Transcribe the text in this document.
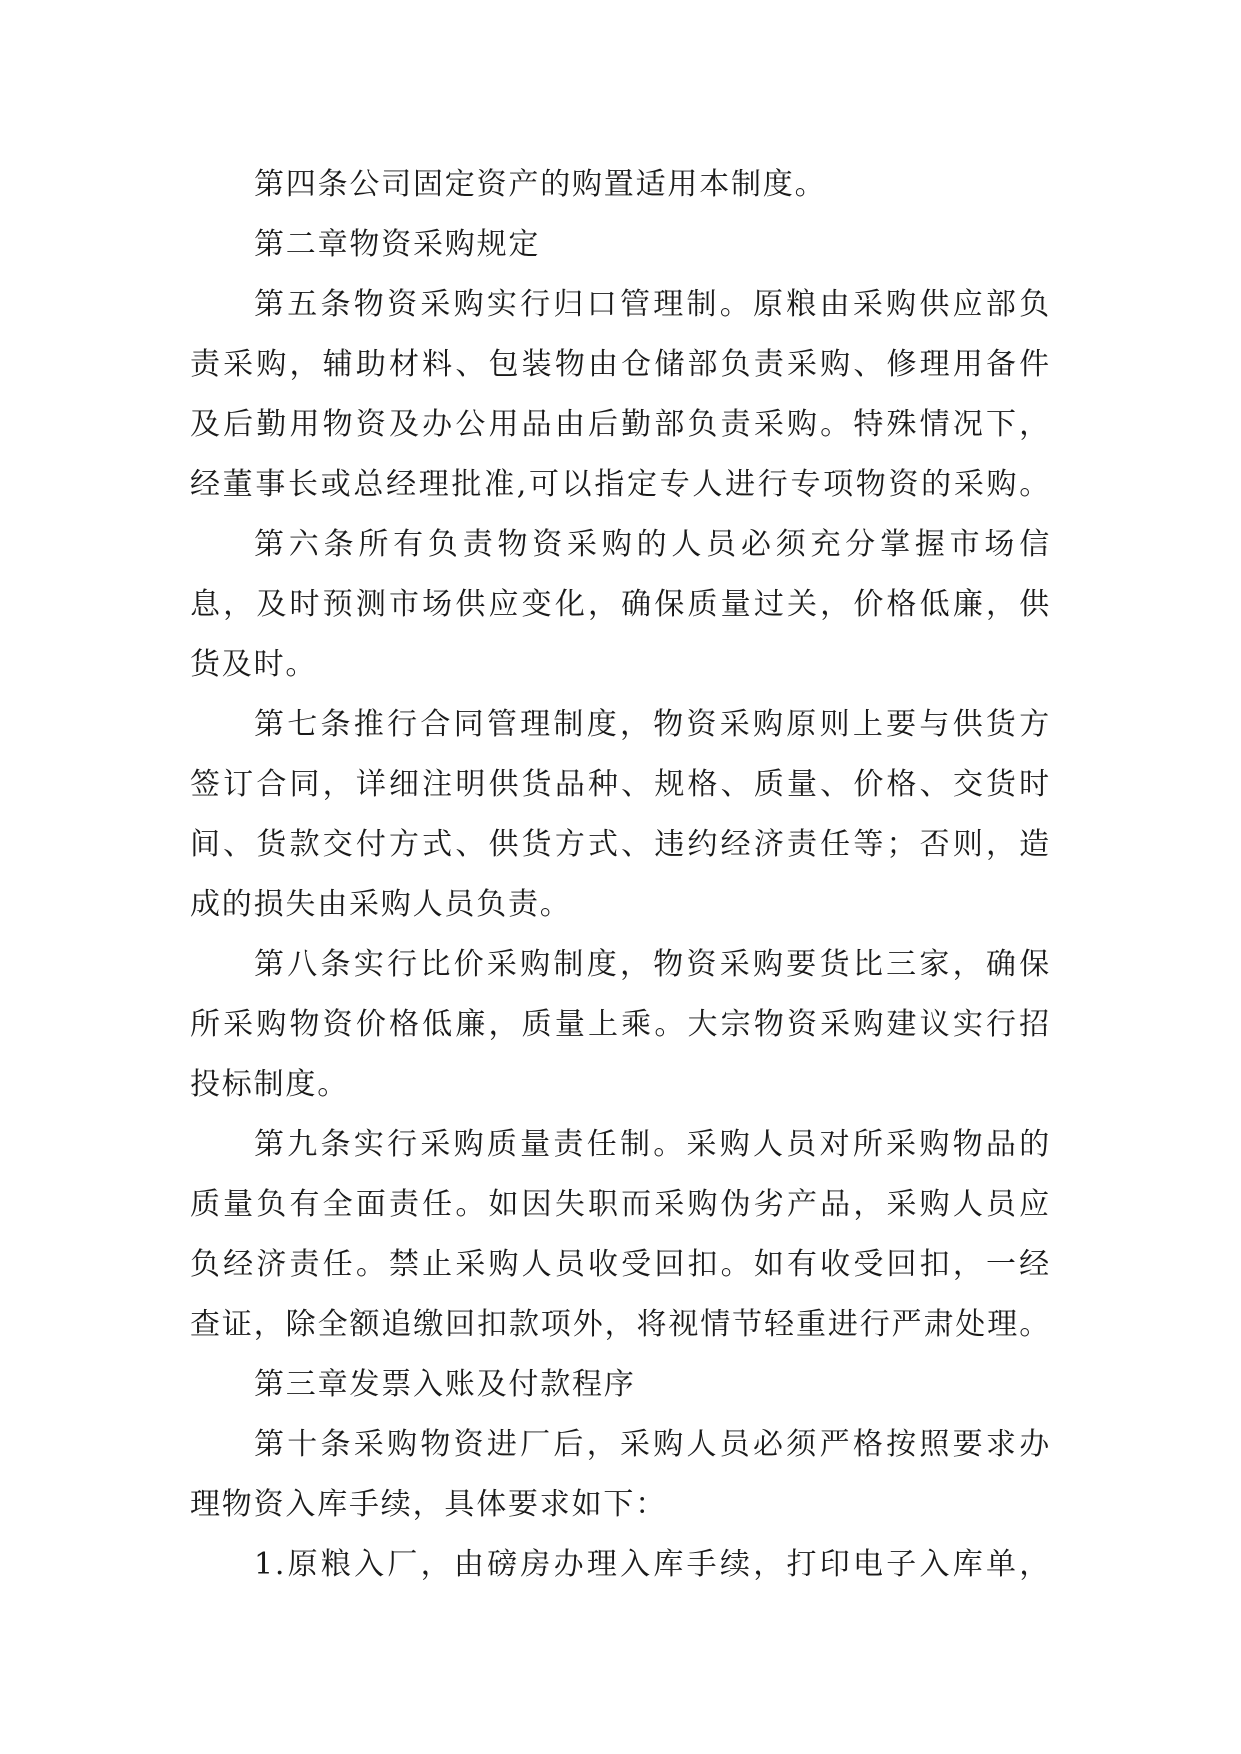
第四条公司固定资产的购置适用本制度。
第二章物资采购规定
第五条物资采购实行归口管理制。原粮由采购供应部负
责采购，辅助材料、包装物由仓储部负责采购、修理用备件
及后勤用物资及办公用品由后勤部负责采购。特殊情况下，
经董事长或总经理批准,可以指定专人进行专项物资的采购。
第六条所有负责物资采购的人员必须充分掌握市场信
息，及时预测市场供应变化，确保质量过关，价格低廉，供
货及时。
第七条推行合同管理制度，物资采购原则上要与供货方
签订合同，详细注明供货品种、规格、质量、价格、交货时
间、货款交付方式、供货方式、违约经济责任等；否则，造
成的损失由采购人员负责。
第八条实行比价采购制度，物资采购要货比三家，确保
所采购物资价格低廉，质量上乘。大宗物资采购建议实行招
投标制度。
第九条实行采购质量责任制。采购人员对所采购物品的
质量负有全面责任。如因失职而采购伪劣产品，采购人员应
负经济责任。禁止采购人员收受回扣。如有收受回扣，一经
查证，除全额追缴回扣款项外，将视情节轻重进行严肃处理。
第三章发票入账及付款程序
第十条采购物资进厂后，采购人员必须严格按照要求办
理物资入库手续，具体要求如下：
1.原粮入厂，由磅房办理入库手续，打印电子入库单，
